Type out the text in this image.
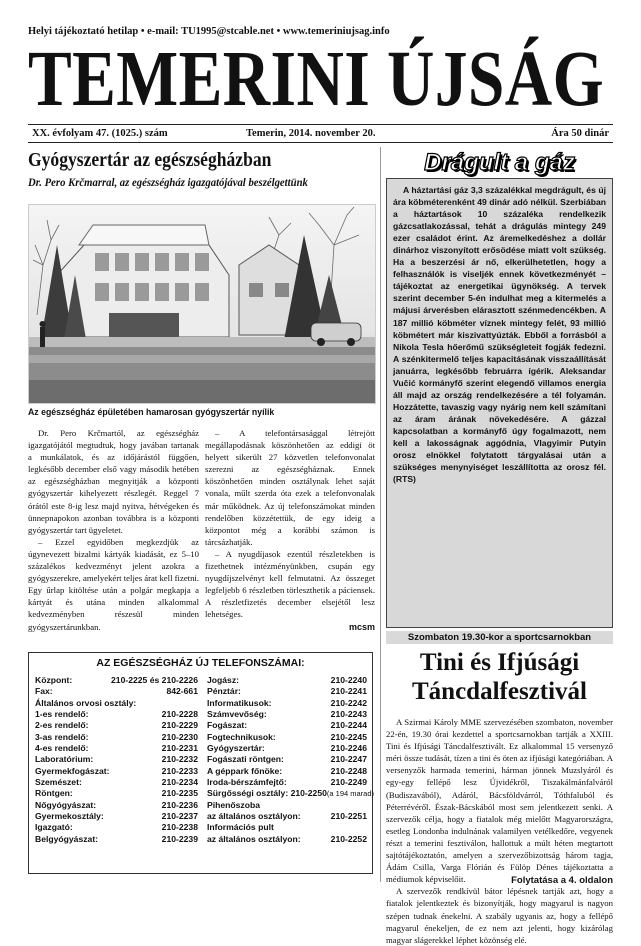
Helyi tájékoztató hetilap • e-mail: TU1995@stcable.net • www.temeriniujsag.info
TEMERINI ÚJSÁG
XX. évfolyam 47. (1025.) szám	Temerin, 2014. november 20.	Ára 50 dinár
Gyógyszertár az egészségházban
Dr. Pero Krčmarral, az egészségház igazgatójával beszélgettünk
Az egészségház épületében hamarosan gyógyszertár nyílik

Dr. Pero Krčmartól, az egészségház igazgatójától megtudtuk, hogy javában tartanak a munkálatok, és az időjárástól függően, legkésőbb december első vagy második hetében az egészségházban megnyitják a központi gyógyszertár kihelyezett részlegét. Reggel 7 órától este 8-ig lesz majd nyitva, hétvégeken és ünnepnapokon azonban továbbra is a központi gyógyszertár tart ügyeletet.

– Ezzel egyidőben megkezdjük az úgynevezett bizalmi kártyák kiadását, ez 5–10 százalékos kedvezményt jelent azokra a gyógyszerekre, amelyekért teljes árat kell fizetni. Egy űrlap kitöltése után a polgár megkapja a kártyát és utána minden alkalommal kedvezményben részesül minden gyógyszertárunkban.

– A telefontársasággal létrejött megállapodásnak köszönhetően az eddigi öt helyett sikerült 27 közvetlen telefonvonalat szerezni az egészségháznak. Ennek köszönhetően minden osztálynak lehet saját vonala, műlt szerda óta ezek a telefonvonalak már működnek. Az új telefonszámokat minden rendelőben közzétettük, de egy ideig a központot még a korábbi számon is tárcsázhatják.

– A nyugdíjasok ezentúl részletekben is fizethetnek intézményünkben, csupán egy nyugdíjszelvényt kell felmutatni. Az összeget legfeljebb 6 részletben törleszthetik a páciensek. A részletfizetés december elsejétől lesz lehetséges.

mcsm
AZ EGÉSZSÉGHÁZ ÚJ TELEFONSZÁMAI:
Központ:	210-2225 és 210-2226
Fax:	842-661
Általános orvosi osztály:
1-es rendelő:	210-2228
2-es rendelő:	210-2229
3-as rendelő:	210-2230
4-es rendelő:	210-2231
Laboratórium:	210-2232
Gyermekfogászat:	210-2233
Szemészet:	210-2234
Röntgen:	210-2235
Nőgyógyászat:	210-2236
Gyermekosztály:	210-2237
Igazgató:	210-2238
Belgyógyászat:	210-2239
Jogász:	210-2240
Pénztár:	210-2241
Informatikusok:	210-2242
Számvevőség:	210-2243
Fogászat:	210-2244
Fogtechnikusok:	210-2245
Gyógyszertár:	210-2246
Fogászati röntgen:	210-2247
A géppark főnöke:	210-2248
Iroda-bérszámfejtő:	210-2249
Sürgősségi osztály: 210-2250 (a 194 marad)
Pihenőszoba
az általános osztályon:	210-2251
Információs pult
az általános osztályon:	210-2252
Drágult a gáz

A háztartási gáz 3,3 százalékkal megdrágult, és új ára köbméterenként 49 dinár adó nélkül. Szerbiában a háztartások 10 százaléka rendelkezik gázcsatlakozással, tehát a drágulás mintegy 249 ezer családot érint. Az áremelkedéshez a dollár dinárhoz viszonyított erősödése miatt volt szükség. Ha a beszerzési ár nő, elkerülhetetlen, hogy a felhasználók is viseljék ennek következményét – tájékoztat az energetikai ügynökség. A tervek szerint december 5-én indulhat meg a kitermelés a májusi árverésben elárasztott szénmedencékben. A 187 millió köbméter víznek mintegy felét, 93 millió köbmétert már kiszivattyúzták. Ebből a forrásból a Nikola Tesla hőerőmű szükségleteit fogják fedezni. A szénkitermelő teljes kapacitásának visszaállítását januárra, legkésőbb februárra ígérik. Aleksandar Vučić kormányfő szerint elegendő villamos energia áll majd az ország rendelkezésére a tél folyamán. Hozzátette, tavaszig vagy nyárig nem kell számítani az áram árának növekedésére. A gázzal kapcsolatban a kormányfő úgy fogalmazott, nem kell a lakosságnak aggódnia, Vlagyimir Putyin orosz elnökkel folytatott tárgyalásai után a szükséges menynyiséget leszállította az orosz fél. (RTS)

Szombaton 19.30-kor a sportcsarnokban
Tini és Ifjúsági Táncdalfesztivál

A Szirmai Károly MME szervezésében szombaton, november 22-én, 19.30 órai kezdettel a sportcsarnokban tartják a XXIII. Tini és Ifjúsági Táncdalfesztivált. Ez alkalommal 15 versenyző méri össze tudását, tízen a tini és öten az ifjúsági kategóriában. A versenyzők harmada temerini, hárman jönnek Muzslyáról és egy-egy fellépő lesz Újvidékről, Tiszakálmánfalváról (Budiszavából), Adáról, Bácsföldvárról, Tóthfaluból és Péterrévéről. Észak-Bácskából most sem jelentkezett senki. A szervezők célja, hogy a fiatalok még mielőtt Magyarországra, esetleg Londonba indulnának valamilyen vetélkedőre, vegyenek részt a temerini fesztiválon, hallottuk a múlt héten megtartott sajtótájékoztatón, amelyen a szervezőbizottság három tagja, Ádám Csilla, Varga Flórián és Fülöp Dénes tájékoztatta a médiumok képviselőit.

A szervezők rendkívül bátor lépésnek tartják azt, hogy a fiatalok jelentkeztek és bizonyítják, hogy magyarul is nagyon szépen tudnak énekelni. A szabály ugyanis az, hogy a fellépő magyarul énekeljen, de ez nem azt jelenti, hogy kizárólag magyar slágerekkel léphet közönség elé.

Folytatása a 4. oldalon
